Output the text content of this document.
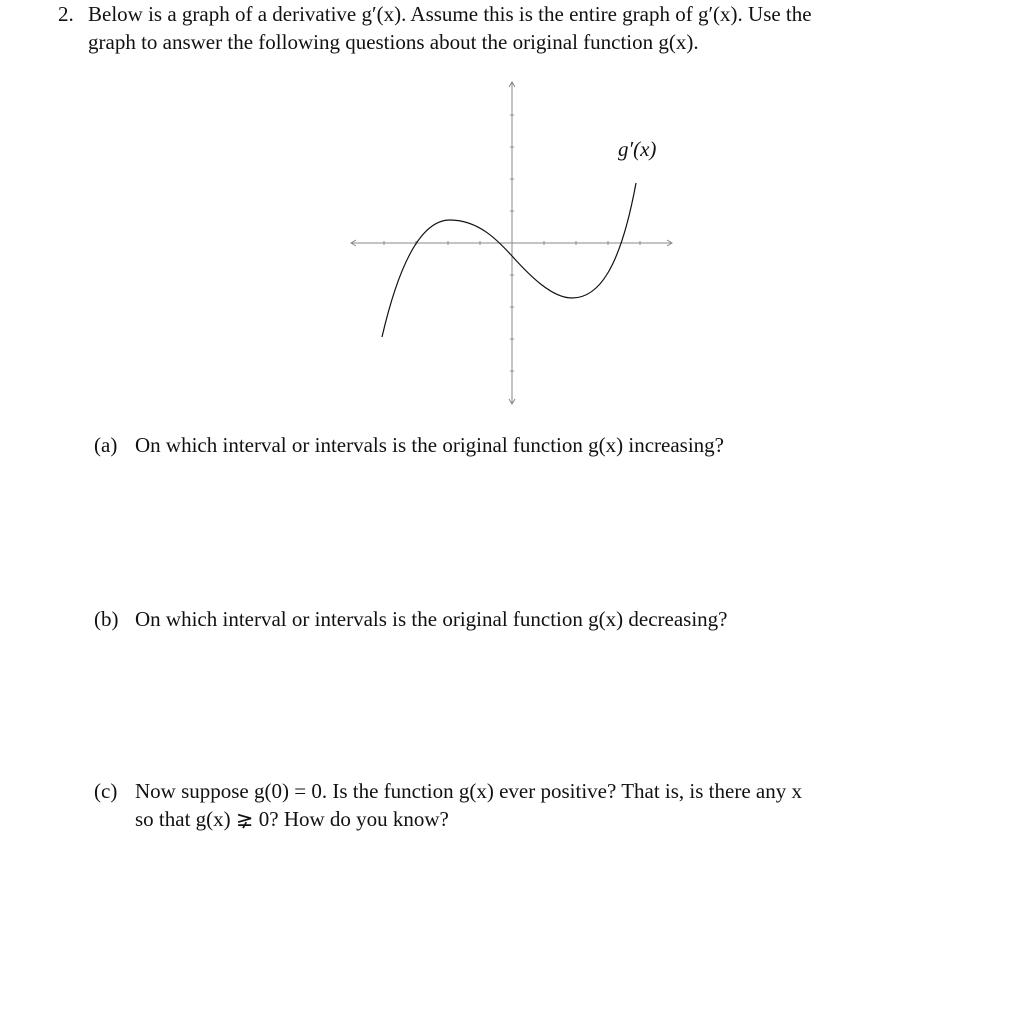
2. Below is a graph of a derivative g′(x). Assume this is the entire graph of g′(x). Use the
graph to answer the following questions about the original function g(x).
g′(x)
(a) On which interval or intervals is the original function g(x) increasing?
(b) On which interval or intervals is the original function g(x) decreasing?
(c) Now suppose g(0) = 0. Is the function g(x) ever positive? That is, is there any x
so that g(x) ⪈ 0? How do you know?
